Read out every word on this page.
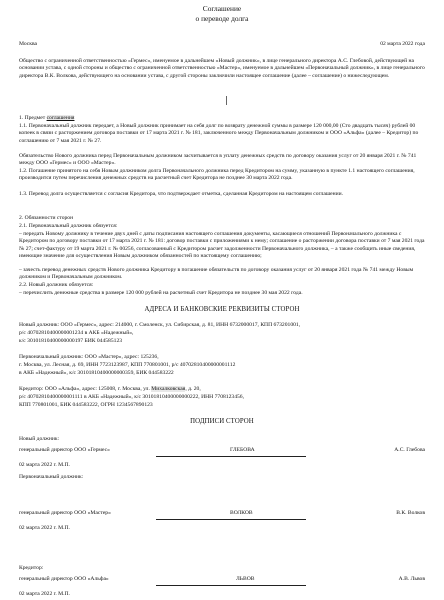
Соглашение
о переводе долга
Москва	02 марта 2022 года
Общество с ограниченной ответственностью «Гермес», именуемое в дальнейшем «Новый должник», в лице генерального директора А.С. Глебовой, действующей на основании устава, с одной стороны и общество с ограниченной ответственностью «Мастер», именуемое в дальнейшем «Первоначальный должник», в лице генерального директора В.К. Волкова, действующего на основании устава, с другой стороны заключили настоящее соглашение (далее – соглашение) о нижеследующем.
1. Предмет соглашения
1.1. Первоначальный должник передает, а Новый должник принимает на себя долг по возврату денежной суммы в размере 120 000,00 (Сто двадцать тысяч) рублей 00 копеек в связи с расторжением договора поставки от 17 марта 2021 г. № 181, заключенного между Первоначальным должником и ООО «Альфа» (далее – Кредитор) по соглашению от 7 мая 2021 г. № 27.
Обязательство Нового должника перед Первоначальным должником засчитывается в уплату денежных средств по договору оказания услуг от 20 января 2021 г. № 741 между ООО «Гермес» и ООО «Мастер».
1.2. Погашение принятого на себя Новым должником долга Первоначального должника перед Кредитором на сумму, указанную в пункте 1.1 настоящего соглашения, производится путем перечисления денежных средств на расчетный счет Кредитора не позднее 30 марта 2022 года.
1.3. Перевод долга осуществляется с согласия Кредитора, что подтверждает отметка, сделанная Кредитором на настоящем соглашении.
2. Обязанности сторон
2.1. Первоначальный должник обязуется:
– передать Новому должнику в течение двух дней с даты подписания настоящего соглашения документы, касающиеся отношений Первоначального должника с Кредитором по договору поставки от 17 марта 2021 г. № 181: договор поставки с приложениями к нему; соглашение о расторжении договора поставки от 7 мая 2021 года № 27; счет-фактуру от 19 марта 2021 г. № 00256, согласованный с Кредитором расчет задолженности Первоначального должника, – а также сообщить иные сведения, имеющие значение для осуществления Новым должником обязанностей по настоящему соглашению;
– зачесть перевод денежных средств Нового должника Кредитору в погашение обязательств по договору оказания услуг от 20 января 2021 года № 741 между Новым должником и Первоначальным должником.
2.2. Новый должник обязуется:
– перечислить денежные средства в размере 120 000 рублей на расчетный счет Кредитора не позднее 30 мая 2022 года.
АДРЕСА И БАНКОВСКИЕ РЕКВИЗИТЫ СТОРОН
Новый должник: ООО «Гермес», адрес: 214000, г. Смоленск, ул. Сибирская, д. 81, ИНН 6732000017, КПП 673201001,
р/с 40702810400000001234 в АКБ «Надежный»,
к/с 30101810400000000197 БИК 044585123
Первоначальный должник: ООО «Мастер», адрес: 125236,
г. Москва, ул. Лесная, д. 69, ИНН 7723123987, КПП 770801001, р/с 40702810400000001112
в АКБ «Надежный», к/с 30101810400000000359, БИК 044583222
Кредитор: ООО «Альфа», адрес: 125008, г. Москва, ул. Михалковская, д. 20,
р/с 40702810400000001111 в АКБ «Надежный», к/с 30101810400000000222, ИНН 7708123456,
КПП 770801001, БИК 044583222, ОГРН 1234567890123
ПОДПИСИ СТОРОН
Новый должник:
генеральный директор ООО «Гермес»	ГЛЕБОВА	А.С. Глебова
02 марта 2022 г. М.П.
Первоначальный должник:
генеральный директор ООО «Мастер»	ВОЛКОВ	В.К. Волков
02 марта 2022 г. М.П.
Кредитор:
генеральный директор ООО «Альфа»	ЛЬВОВ	А.В. Львов
02 марта 2022 г. М.П.
